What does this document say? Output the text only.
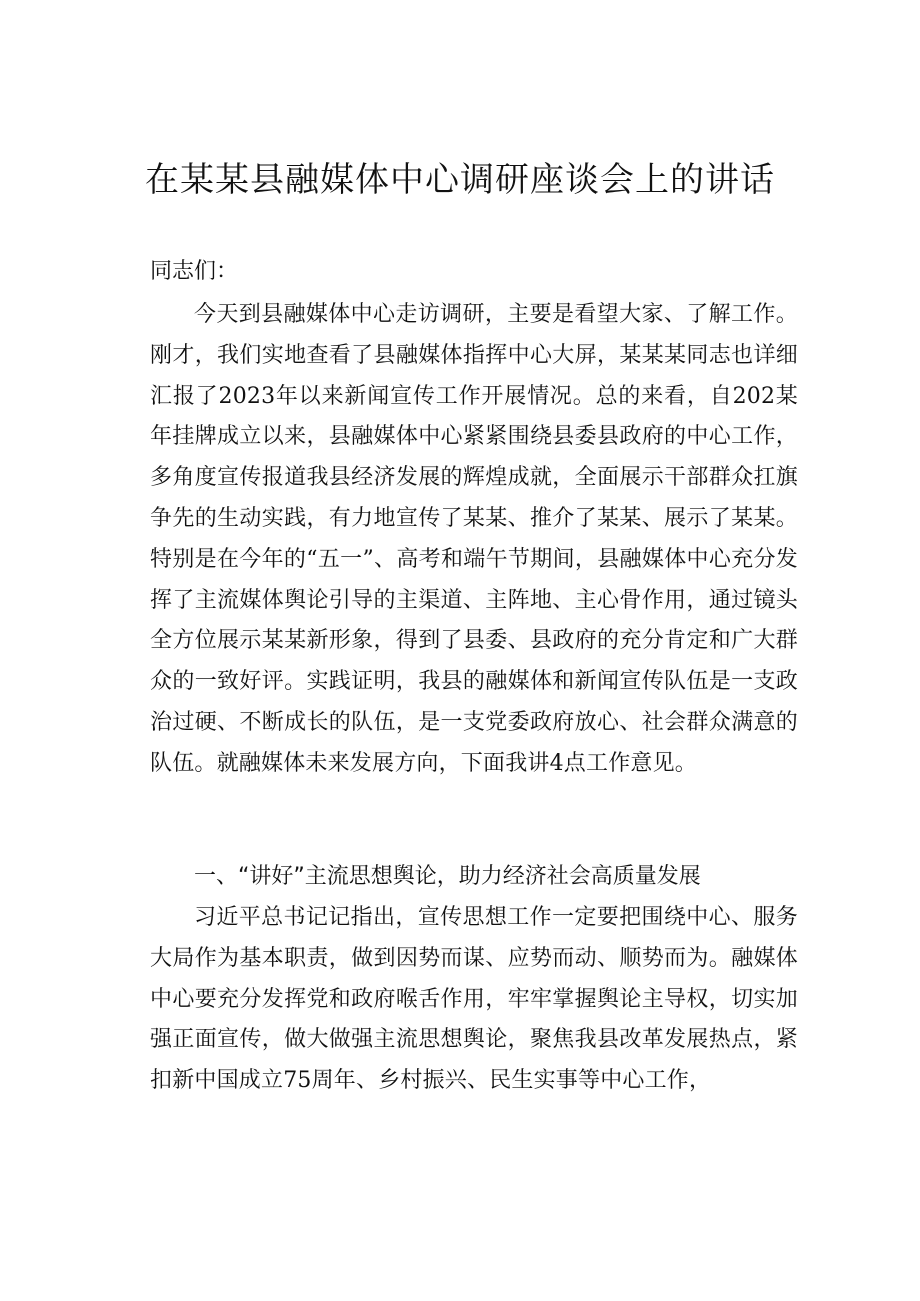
在某某县融媒体中心调研座谈会上的讲话

同志们：

今天到县融媒体中心走访调研，主要是看望大家、了解工作。刚才，我们实地查看了县融媒体指挥中心大屏，某某某同志也详细汇报了2023年以来新闻宣传工作开展情况。总的来看，自202某年挂牌成立以来，县融媒体中心紧紧围绕县委县政府的中心工作，多角度宣传报道我县经济发展的辉煌成就，全面展示干部群众扛旗争先的生动实践，有力地宣传了某某、推介了某某、展示了某某。特别是在今年的“五一”、高考和端午节期间，县融媒体中心充分发挥了主流媒体舆论引导的主渠道、主阵地、主心骨作用，通过镜头全方位展示某某新形象，得到了县委、县政府的充分肯定和广大群众的一致好评。实践证明，我县的融媒体和新闻宣传队伍是一支政治过硬、不断成长的队伍，是一支党委政府放心、社会群众满意的队伍。就融媒体未来发展方向，下面我讲4点工作意见。

一、“讲好”主流思想舆论，助力经济社会高质量发展

习近平总书记记指出，宣传思想工作一定要把围绕中心、服务大局作为基本职责，做到因势而谋、应势而动、顺势而为。融媒体中心要充分发挥党和政府喉舌作用，牢牢掌握舆论主导权，切实加强正面宣传，做大做强主流思想舆论，聚焦我县改革发展热点，紧扣新中国成立75周年、乡村振兴、民生实事等中心工作，
